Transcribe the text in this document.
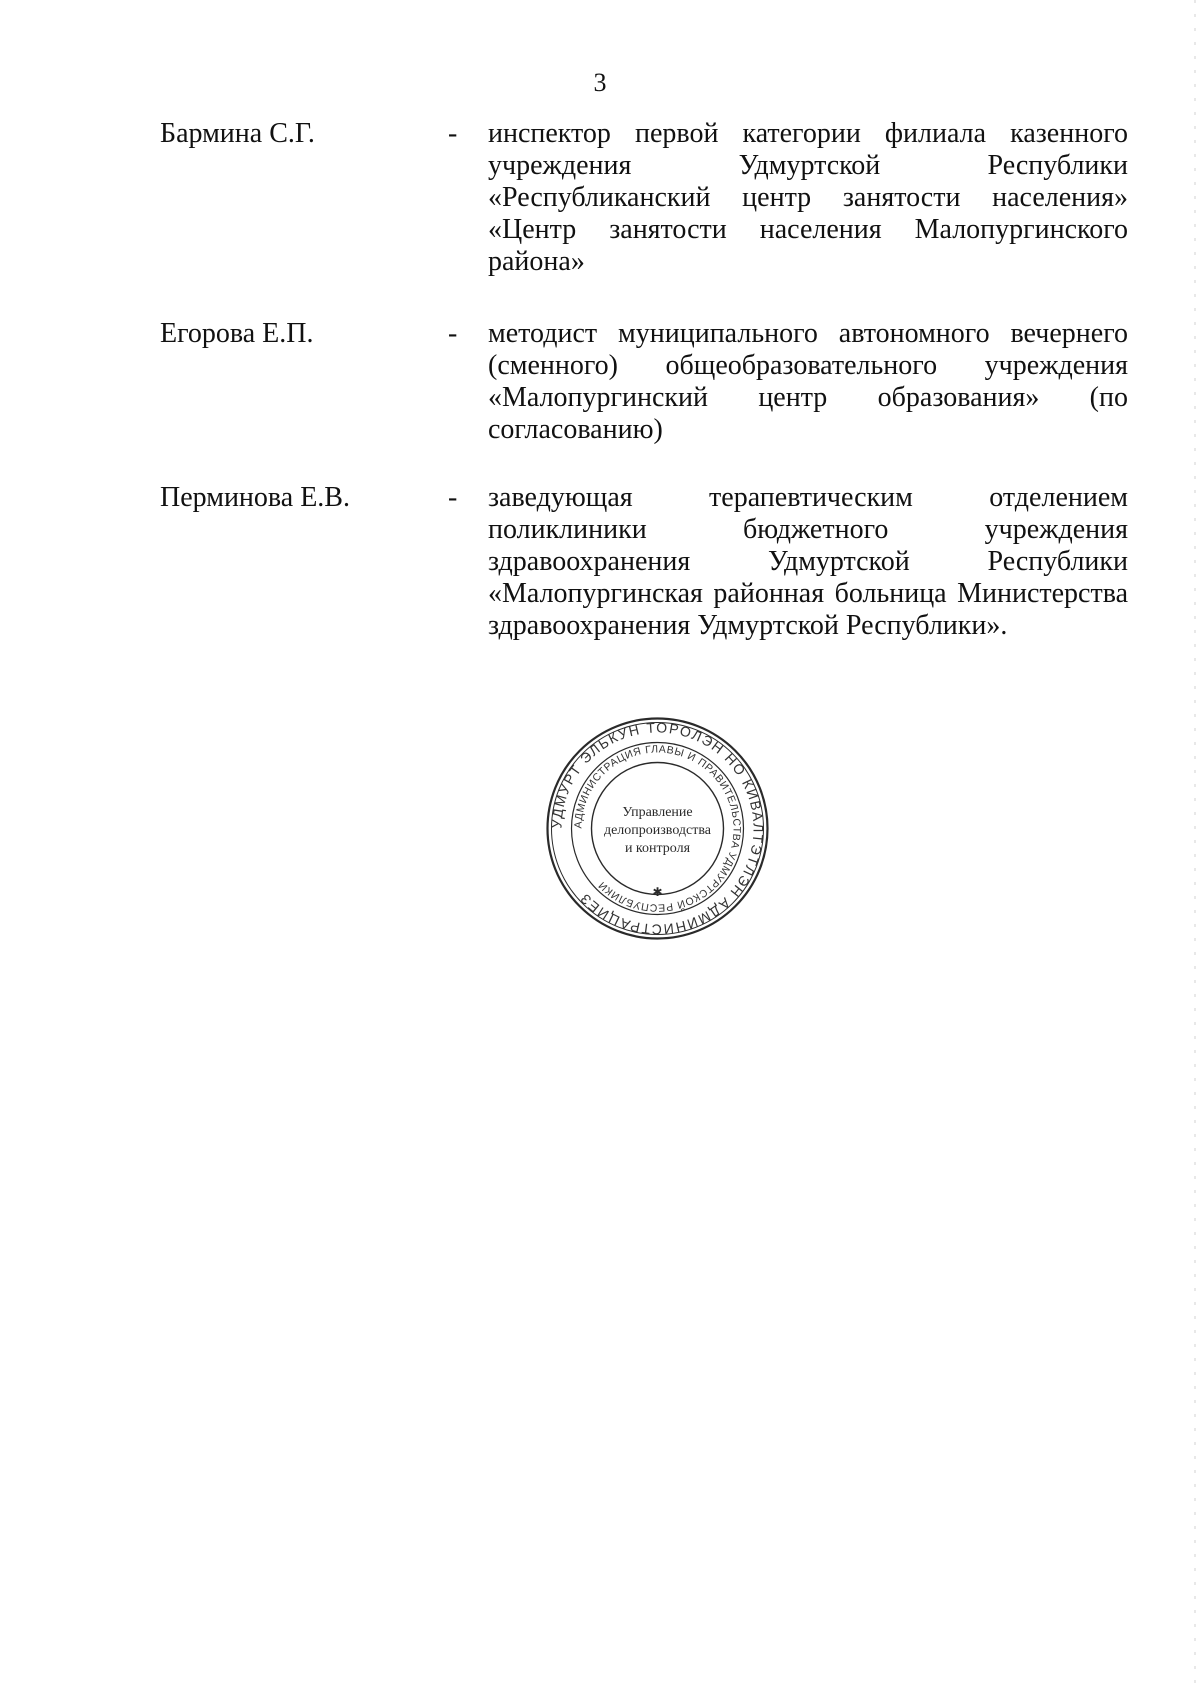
3
Бармина С.Г.	- инспектор первой категории филиала казенного
учреждения Удмуртской Республики
«Республиканский центр занятости населения»
«Центр занятости населения Малопургинского
района»
Егорова Е.П.	- методист муниципального автономного вечернего
(сменного) общеобразовательного учреждения
«Малопургинский центр образования» (по
согласованию)
Перминова Е.В.	- заведующая терапевтическим отделением
поликлиники бюджетного учреждения
здравоохранения Удмуртской Республики
«Малопургинская районная больница Министерства
здравоохранения Удмуртской Республики».
УДМУРТ ЭЛЬКУН ТОРОЛЭН НО КИВАЛТЭТЛЭН АДМИНИСТРАЦИЕЗ
АДМИНИСТРАЦИЯ ГЛАВЫ И ПРАВИТЕЛЬСТВА УДМУРТСКОЙ РЕСПУБЛИКИ
Управление
делопроизводства
и контроля
✱
